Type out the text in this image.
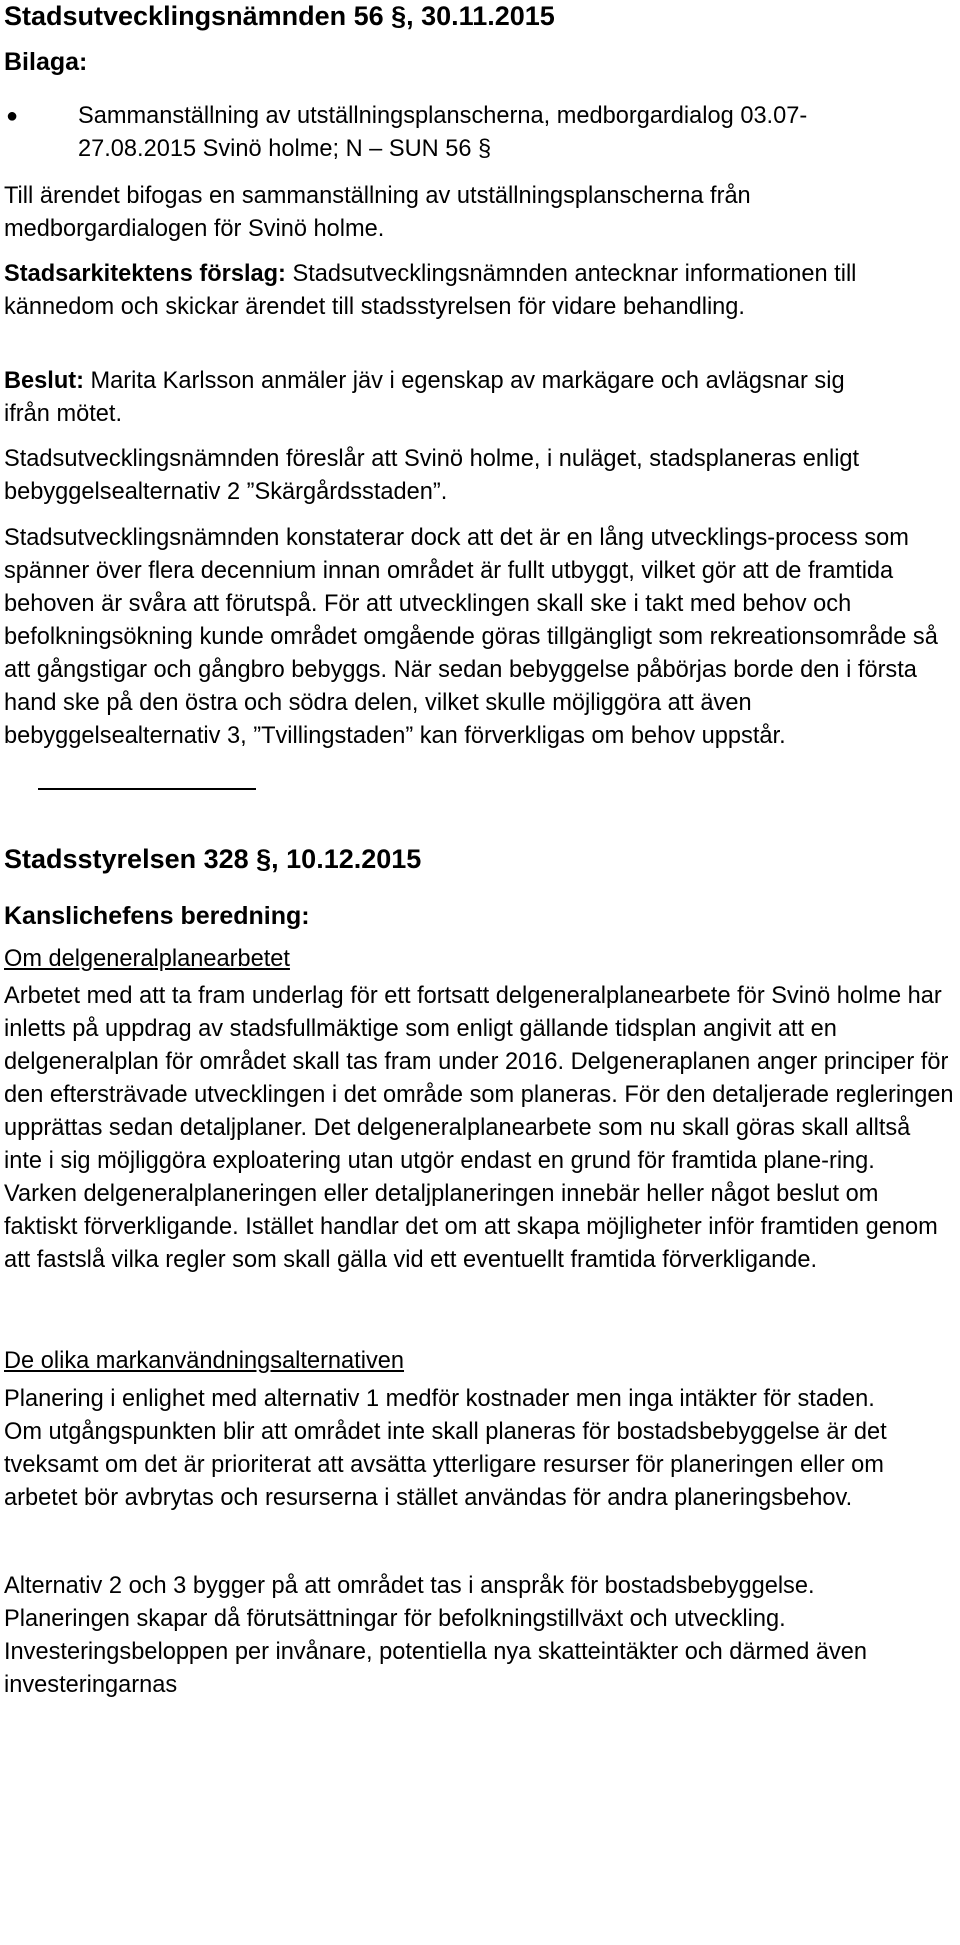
Stadsutvecklingsnämnden 56 §, 30.11.2015
Bilaga:
●	Sammanställning av utställningsplanscherna, medborgardialog 03.07-27.08.2015 Svinö holme; N – SUN 56 §

Till ärendet bifogas en sammanställning av utställningsplanscherna från medborgardialogen för Svinö holme.

Stadsarkitektens förslag: Stadsutvecklingsnämnden antecknar informationen till kännedom och skickar ärendet till stadsstyrelsen för vidare behandling.

Beslut: Marita Karlsson anmäler jäv i egenskap av markägare och avlägsnar sig ifrån mötet.

Stadsutvecklingsnämnden föreslår att Svinö holme, i nuläget, stadsplaneras enligt bebyggelsealternativ 2 ”Skärgårdsstaden”.

Stadsutvecklingsnämnden konstaterar dock att det är en lång utvecklings-process som spänner över flera decennium innan området är fullt utbyggt, vilket gör att de framtida behoven är svåra att förutspå. För att utvecklingen skall ske i takt med behov och befolkningsökning kunde området omgående göras tillgängligt som rekreationsområde så att gångstigar och gångbro bebyggs. När sedan bebyggelse påbörjas borde den i första hand ske på den östra och södra delen, vilket skulle möjliggöra att även bebyggelsealternativ 3, ”Tvillingstaden” kan förverkligas om behov uppstår.

Stadsstyrelsen 328 §, 10.12.2015
Kanslichefens beredning:

Om delgeneralplanearbetet

Arbetet med att ta fram underlag för ett fortsatt delgeneralplanearbete för Svinö holme har inletts på uppdrag av stadsfullmäktige som enligt gällande tidsplan angivit att en delgeneralplan för området skall tas fram under 2016. Delgeneraplanen anger principer för den eftersträvade utvecklingen i det område som planeras. För den detaljerade regleringen upprättas sedan detaljplaner. Det delgeneralplanearbete som nu skall göras skall alltså inte i sig möjliggöra exploatering utan utgör endast en grund för framtida plane-ring. Varken delgeneralplaneringen eller detaljplaneringen innebär heller något beslut om faktiskt förverkligande. Istället handlar det om att skapa möjligheter inför framtiden genom att fastslå vilka regler som skall gälla vid ett eventuellt framtida förverkligande.

De olika markanvändningsalternativen

Planering i enlighet med alternativ 1 medför kostnader men inga intäkter för staden. Om utgångspunkten blir att området inte skall planeras för bostadsbebyggelse är det tveksamt om det är prioriterat att avsätta ytterligare resurser för planeringen eller om arbetet bör avbrytas och resurserna i stället användas för andra planeringsbehov.

Alternativ 2 och 3 bygger på att området tas i anspråk för bostadsbebyggelse. Planeringen skapar då förutsättningar för befolkningstillväxt och utveckling. Investeringsbeloppen per invånare, potentiella nya skatteintäkter och därmed även investeringarnas
